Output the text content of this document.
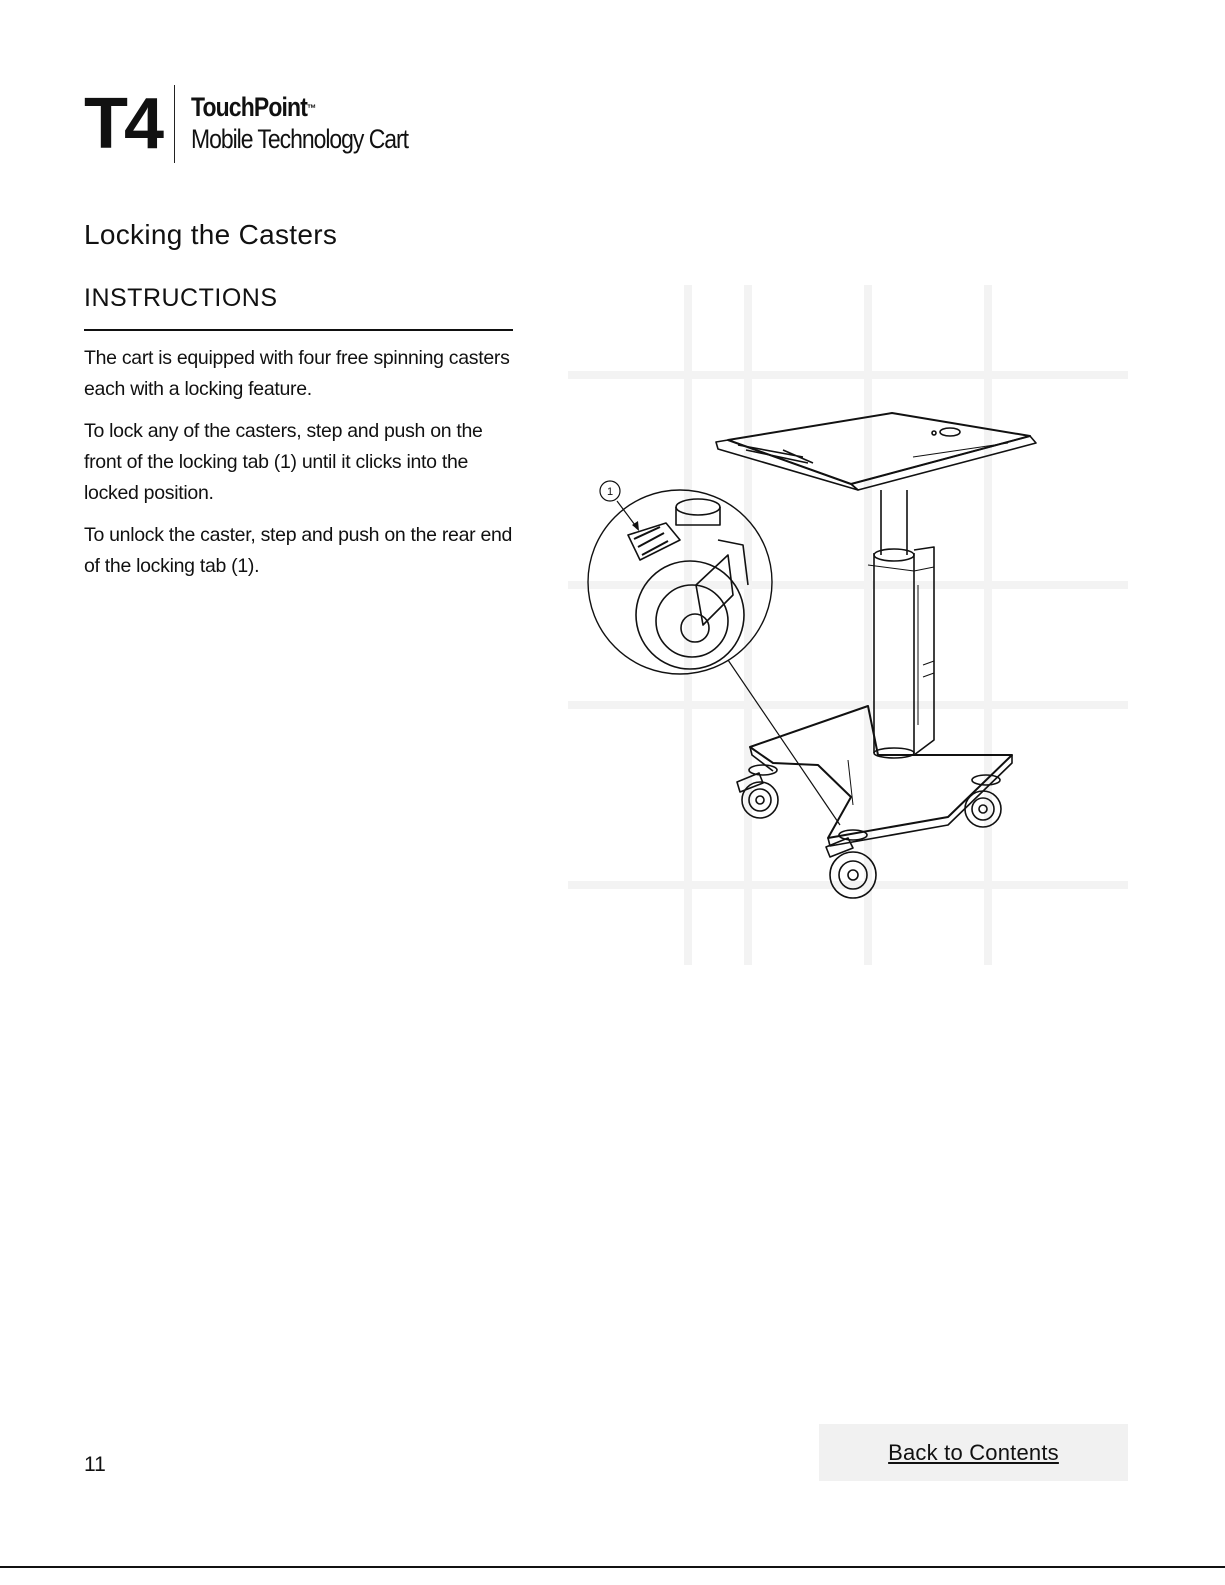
T4 TouchPoint™
Mobile Technology Cart
Locking the Casters
INSTRUCTIONS

The cart is equipped with four free spinning casters each with a locking feature.

To lock any of the casters, step and push on the front of the locking tab (1) until it clicks into the locked position.

To unlock the caster, step and push on the rear end of the locking tab (1).

1
11	Back to Contents
